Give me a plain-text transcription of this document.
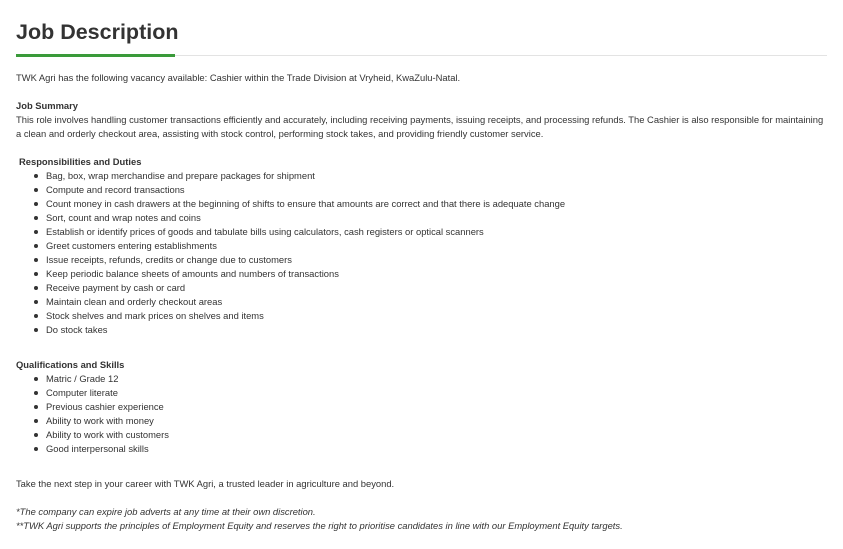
Job Description

TWK Agri has the following vacancy available: Cashier within the Trade Division at Vryheid, KwaZulu-Natal.

Job Summary

This role involves handling customer transactions efficiently and accurately, including receiving payments, issuing receipts, and processing refunds. The Cashier is also responsible for maintaining a clean and orderly checkout area, assisting with stock control, performing stock takes, and providing friendly customer service.

Responsibilities and Duties

Bag, box, wrap merchandise and prepare packages for shipment
Compute and record transactions
Count money in cash drawers at the beginning of shifts to ensure that amounts are correct and that there is adequate change
Sort, count and wrap notes and coins
Establish or identify prices of goods and tabulate bills using calculators, cash registers or optical scanners
Greet customers entering establishments
Issue receipts, refunds, credits or change due to customers
Keep periodic balance sheets of amounts and numbers of transactions
Receive payment by cash or card
Maintain clean and orderly checkout areas
Stock shelves and mark prices on shelves and items
Do stock takes

Qualifications and Skills

Matric / Grade 12
Computer literate
Previous cashier experience
Ability to work with money
Ability to work with customers
Good interpersonal skills

Take the next step in your career with TWK Agri, a trusted leader in agriculture and beyond.

*The company can expire job adverts at any time at their own discretion.

**TWK Agri supports the principles of Employment Equity and reserves the right to prioritise candidates in line with our Employment Equity targets.
